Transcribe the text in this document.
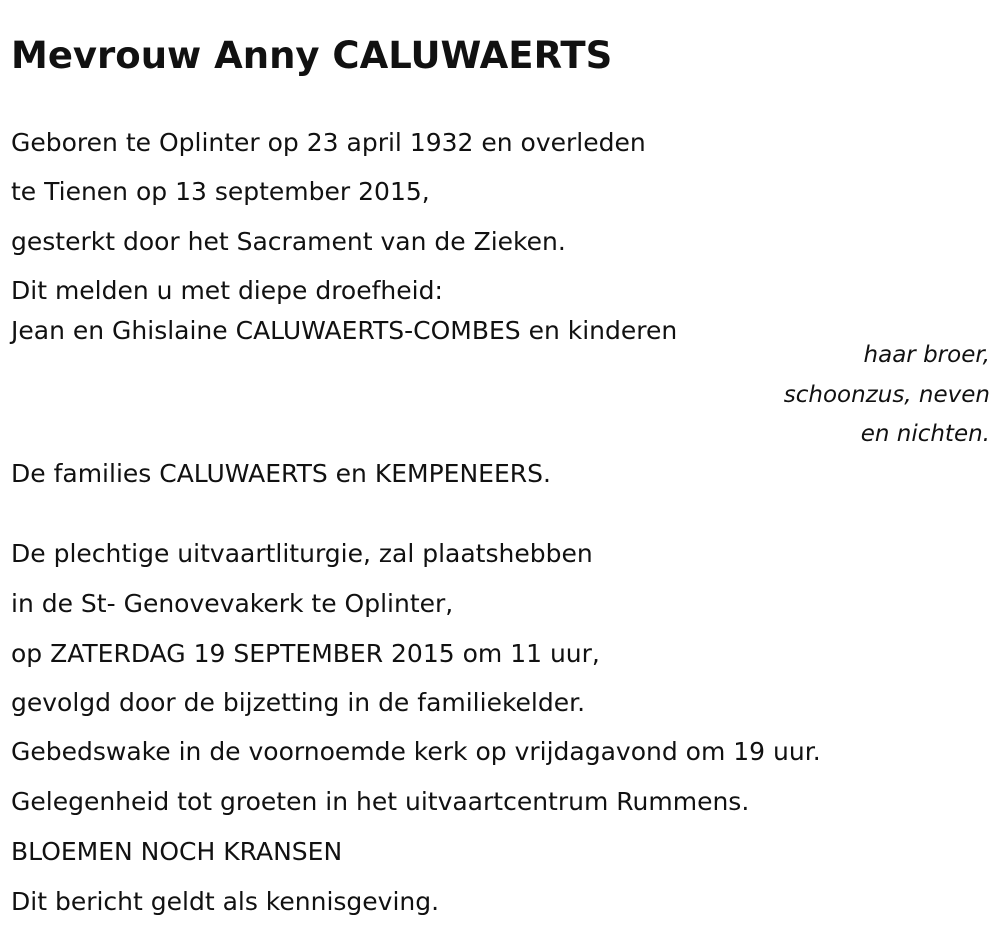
Mevrouw Anny CALUWAERTS
Geboren te Oplinter op 23 april 1932 en overleden
te Tienen op 13 september 2015,
gesterkt door het Sacrament van de Zieken.
Dit melden u met diepe droefheid:
Jean en Ghislaine CALUWAERTS-COMBES en kinderen
haar broer,
schoonzus, neven
en nichten.
De families CALUWAERTS en KEMPENEERS.
De plechtige uitvaartliturgie, zal plaatshebben
in de St- Genovevakerk te Oplinter,
op ZATERDAG 19 SEPTEMBER 2015 om 11 uur,
gevolgd door de bijzetting in de familiekelder.
Gebedswake in de voornoemde kerk op vrijdagavond om 19 uur.
Gelegenheid tot groeten in het uitvaartcentrum Rummens.
BLOEMEN NOCH KRANSEN
Dit bericht geldt als kennisgeving.
